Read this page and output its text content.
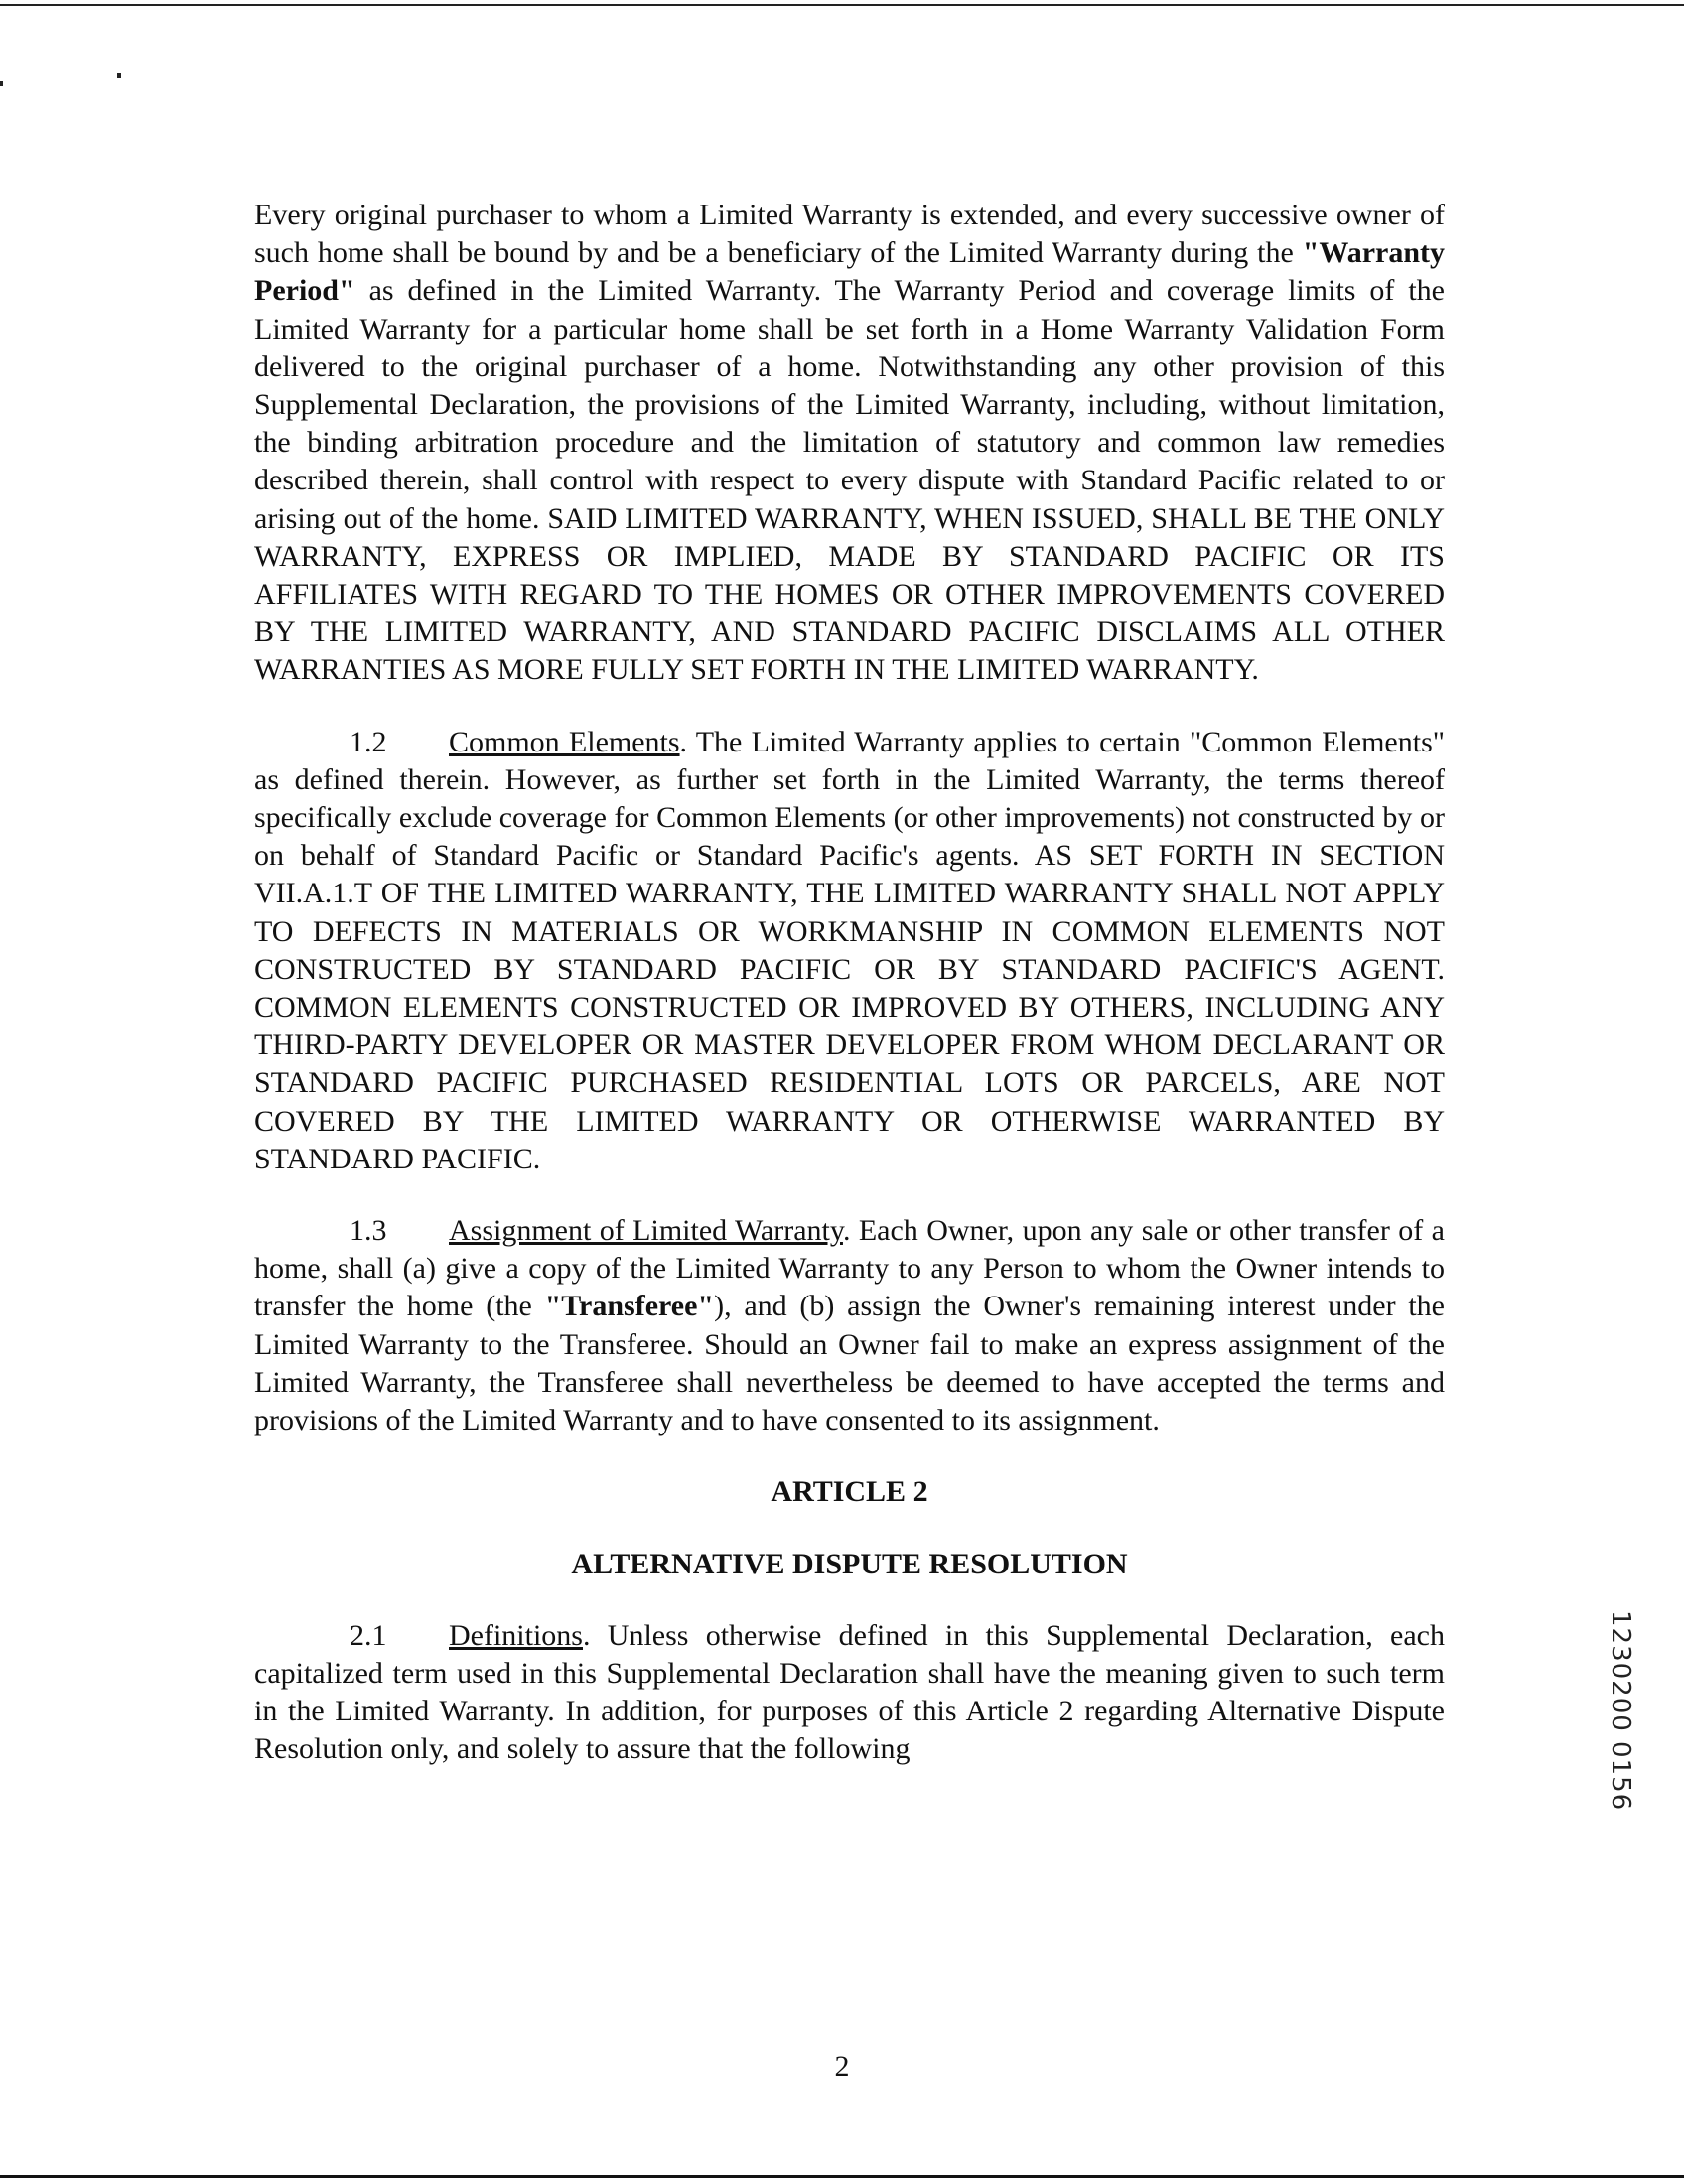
Every original purchaser to whom a Limited Warranty is extended, and every successive owner of such home shall be bound by and be a beneficiary of the Limited Warranty during the "Warranty Period" as defined in the Limited Warranty. The Warranty Period and coverage limits of the Limited Warranty for a particular home shall be set forth in a Home Warranty Validation Form delivered to the original purchaser of a home. Notwithstanding any other provision of this Supplemental Declaration, the provisions of the Limited Warranty, including, without limitation, the binding arbitration procedure and the limitation of statutory and common law remedies described therein, shall control with respect to every dispute with Standard Pacific related to or arising out of the home. SAID LIMITED WARRANTY, WHEN ISSUED, SHALL BE THE ONLY WARRANTY, EXPRESS OR IMPLIED, MADE BY STANDARD PACIFIC OR ITS AFFILIATES WITH REGARD TO THE HOMES OR OTHER IMPROVEMENTS COVERED BY THE LIMITED WARRANTY, AND STANDARD PACIFIC DISCLAIMS ALL OTHER WARRANTIES AS MORE FULLY SET FORTH IN THE LIMITED WARRANTY.

1.2 Common Elements. The Limited Warranty applies to certain "Common Elements" as defined therein. However, as further set forth in the Limited Warranty, the terms thereof specifically exclude coverage for Common Elements (or other improvements) not constructed by or on behalf of Standard Pacific or Standard Pacific's agents. AS SET FORTH IN SECTION VII.A.1.T OF THE LIMITED WARRANTY, THE LIMITED WARRANTY SHALL NOT APPLY TO DEFECTS IN MATERIALS OR WORKMANSHIP IN COMMON ELEMENTS NOT CONSTRUCTED BY STANDARD PACIFIC OR BY STANDARD PACIFIC'S AGENT. COMMON ELEMENTS CONSTRUCTED OR IMPROVED BY OTHERS, INCLUDING ANY THIRD-PARTY DEVELOPER OR MASTER DEVELOPER FROM WHOM DECLARANT OR STANDARD PACIFIC PURCHASED RESIDENTIAL LOTS OR PARCELS, ARE NOT COVERED BY THE LIMITED WARRANTY OR OTHERWISE WARRANTED BY STANDARD PACIFIC.

1.3 Assignment of Limited Warranty. Each Owner, upon any sale or other transfer of a home, shall (a) give a copy of the Limited Warranty to any Person to whom the Owner intends to transfer the home (the "Transferee"), and (b) assign the Owner's remaining interest under the Limited Warranty to the Transferee. Should an Owner fail to make an express assignment of the Limited Warranty, the Transferee shall nevertheless be deemed to have accepted the terms and provisions of the Limited Warranty and to have consented to its assignment.

ARTICLE 2

ALTERNATIVE DISPUTE RESOLUTION

2.1 Definitions. Unless otherwise defined in this Supplemental Declaration, each capitalized term used in this Supplemental Declaration shall have the meaning given to such term in the Limited Warranty. In addition, for purposes of this Article 2 regarding Alternative Dispute Resolution only, and solely to assure that the following	1230200 0156
2
